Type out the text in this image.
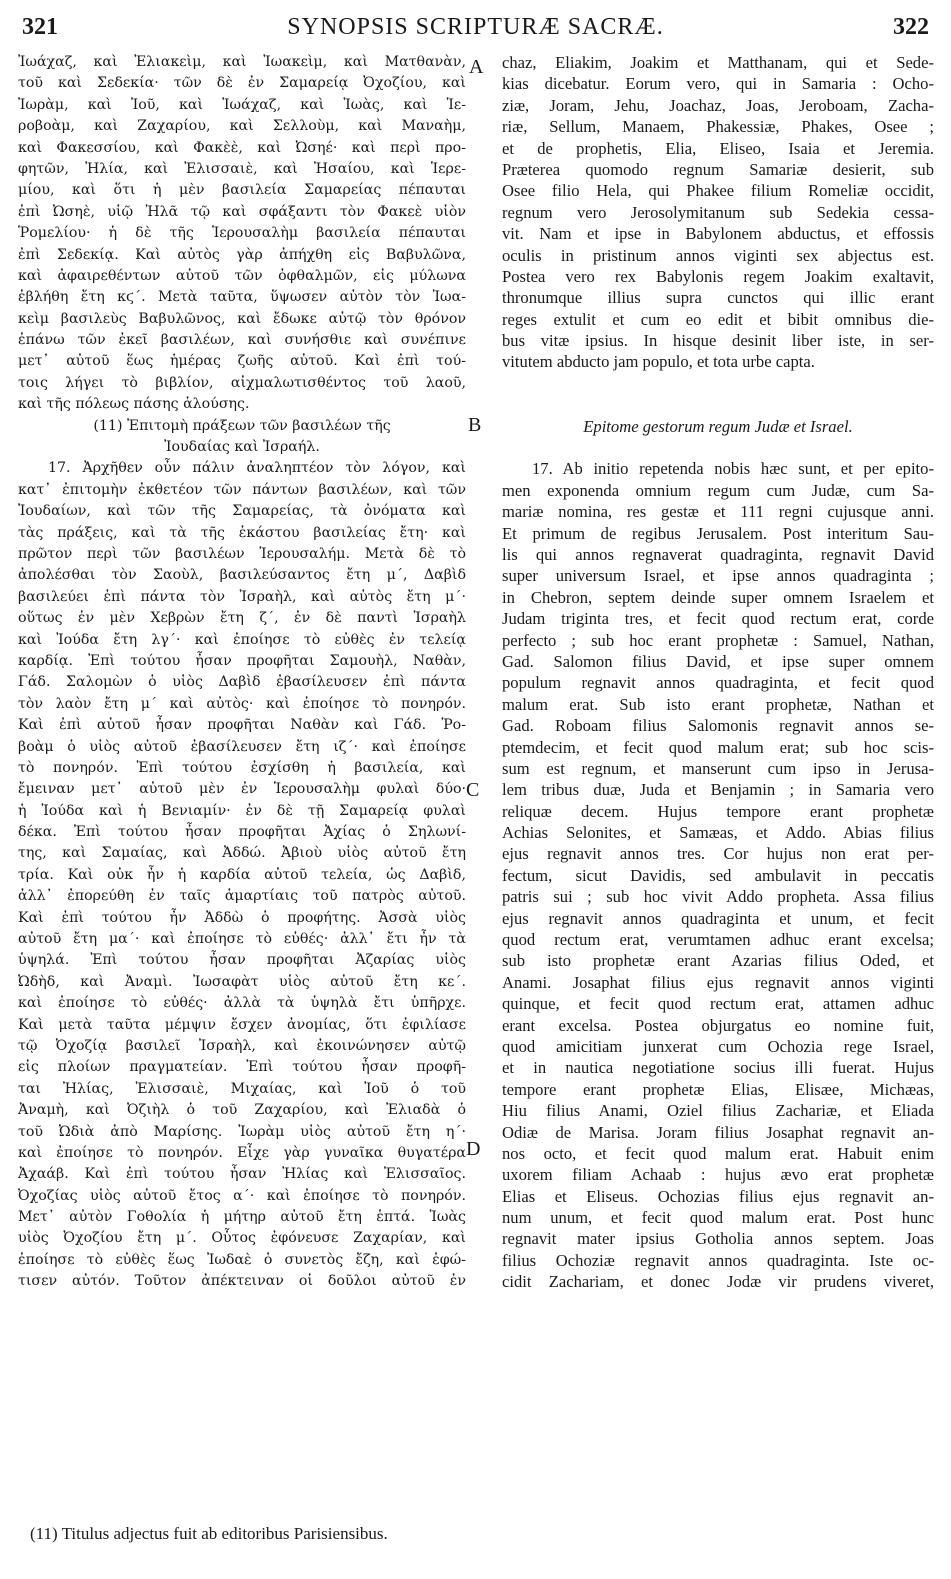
321	SYNOPSIS SCRIPTURÆ SACRÆ.	322
Ἰωάχαζ, καὶ Ἐλιακεὶμ, καὶ Ἰωακεὶμ, καὶ Ματθανὰν,
τοῦ καὶ Σεδεκία· τῶν δὲ ἐν Σαμαρείᾳ Ὀχοζίου, καὶ
Ἰωρὰμ, καὶ Ἰοῦ, καὶ Ἰωάχαζ, καὶ Ἰωὰς, καὶ Ἱε-
ροβοὰμ, καὶ Ζαχαρίου, καὶ Σελλοὺμ, καὶ Μαναὴμ,
καὶ Φακεσσίου, καὶ Φακὲὲ, καὶ Ὠσηέ· καὶ περὶ προ-
φητῶν, Ἠλία, καὶ Ἐλισσαιὲ, καὶ Ἠσαίου, καὶ Ἱερε-
μίου, καὶ ὅτι ἡ μὲν βασιλεία Σαμαρείας πέπαυται
ἐπὶ Ὠσηὲ, υἱῷ Ἠλᾶ τῷ καὶ σφάξαντι τὸν Φακεὲ υἱὸν
Ῥομελίου· ἡ δὲ τῆς Ἱερουσαλὴμ βασιλεία πέπαυται
ἐπὶ Σεδεκίᾳ. Καὶ αὐτὸς γὰρ ἀπήχθη εἰς Βαβυλῶνα,
καὶ ἀφαιρεθέντων αὐτοῦ τῶν ὀφθαλμῶν, εἰς μύλωνα
ἐβλήθη ἔτη κϛ΄. Μετὰ ταῦτα, ὕψωσεν αὐτὸν τὸν Ἰωα-
κεὶμ βασιλεὺς Βαβυλῶνος, καὶ ἔδωκε αὐτῷ τὸν θρόνον
ἐπάνω τῶν ἐκεῖ βασιλέων, καὶ συνήσθιε καὶ συνέπινε
μετ᾽ αὐτοῦ ἕως ἡμέρας ζωῆς αὐτοῦ. Καὶ ἐπὶ τού-
τοις λήγει τὸ βιβλίον, αἰχμαλωτισθέντος τοῦ λαοῦ,
καὶ τῆς πόλεως πάσης ἁλούσης.
(11) Ἐπιτομὴ πράξεων τῶν βασιλέων τῆς
Ἰουδαίας καὶ Ἰσραήλ.
17. Ἀρχῆθεν οὖν πάλιν ἀναληπτέον τὸν λόγον, καὶ
κατ᾽ ἐπιτομὴν ἐκθετέον τῶν πάντων βασιλέων, καὶ τῶν
Ἰουδαίων, καὶ τῶν τῆς Σαμαρείας, τὰ ὀνόματα καὶ
τὰς πράξεις, καὶ τὰ τῆς ἑκάστου βασιλείας ἔτη· καὶ
πρῶτον περὶ τῶν βασιλέων Ἱερουσαλήμ. Μετὰ δὲ τὸ
ἀπολέσθαι τὸν Σαοὺλ, βασιλεύσαντος ἔτη μ΄, Δαβὶδ
βασιλεύει ἐπὶ πάντα τὸν Ἰσραὴλ, καὶ αὐτὸς ἔτη μ΄·
οὕτως ἐν μὲν Χεβρὼν ἔτη ζ΄, ἐν δὲ παντὶ Ἰσραὴλ
καὶ Ἰούδα ἔτη λγ΄· καὶ ἐποίησε τὸ εὐθὲς ἐν τελείᾳ
καρδίᾳ. Ἐπὶ τούτου ἦσαν προφῆται Σαμουὴλ, Ναθὰν,
Γάδ. Σαλομὼν ὁ υἱὸς Δαβὶδ ἐβασίλευσεν ἐπὶ πάντα
τὸν λαὸν ἔτη μ΄ καὶ αὐτὸς· καὶ ἐποίησε τὸ πονηρόν.
Καὶ ἐπὶ αὐτοῦ ἦσαν προφῆται Ναθὰν καὶ Γάδ. Ῥο-
βοὰμ ὁ υἱὸς αὐτοῦ ἐβασίλευσεν ἔτη ιζ΄· καὶ ἐποίησε
τὸ πονηρόν. Ἐπὶ τούτου ἐσχίσθη ἡ βασιλεία, καὶ
ἔμειναν μετ᾽ αὐτοῦ μὲν ἐν Ἱερουσαλὴμ φυλαὶ δύο·
ἡ Ἰούδα καὶ ἡ Βενιαμίν· ἐν δὲ τῇ Σαμαρείᾳ φυλαὶ
δέκα. Ἐπὶ τούτου ἦσαν προφῆται Ἀχίας ὁ Σηλωνί-
της, καὶ Σαμαίας, καὶ Ἀδδώ. Ἀβιοὺ υἱὸς αὐτοῦ ἔτη
τρία. Καὶ οὐκ ἦν ἡ καρδία αὐτοῦ τελεία, ὡς Δαβὶδ,
ἀλλ᾽ ἐπορεύθη ἐν ταῖς ἁμαρτίαις τοῦ πατρὸς αὐτοῦ.
Καὶ ἐπὶ τούτου ἦν Ἀδδὼ ὁ προφήτης. Ἀσσὰ υἱὸς
αὐτοῦ ἔτη μα΄· καὶ ἐποίησε τὸ εὐθές· ἀλλ᾽ ἔτι ἦν τὰ
ὑψηλά. Ἐπὶ τούτου ἦσαν προφῆται Ἀζαρίας υἱὸς
Ὠδὴδ, καὶ Ἀναμὶ. Ἰωσαφὰτ υἱὸς αὐτοῦ ἔτη κε΄.
καὶ ἐποίησε τὸ εὐθές· ἀλλὰ τὰ ὑψηλὰ ἔτι ὑπῆρχε.
Καὶ μετὰ ταῦτα μέμψιν ἔσχεν ἀνομίας, ὅτι ἐφιλίασε
τῷ Ὀχοζίᾳ βασιλεῖ Ἰσραὴλ, καὶ ἐκοινώνησεν αὐτῷ
εἰς πλοίων πραγματείαν. Ἐπὶ τούτου ἦσαν προφῆ-
ται Ἠλίας, Ἐλισσαιὲ, Μιχαίας, καὶ Ἰοῦ ὁ τοῦ
Ἀναμὴ, καὶ Ὀζιὴλ ὁ τοῦ Ζαχαρίου, καὶ Ἐλιαδὰ ὁ
τοῦ Ὠδιὰ ἀπὸ Μαρίσης. Ἰωρὰμ υἱὸς αὐτοῦ ἔτη η΄·
καὶ ἐποίησε τὸ πονηρόν. Εἶχε γὰρ γυναῖκα θυγατέρα
Ἀχαάβ. Καὶ ἐπὶ τούτου ἦσαν Ἠλίας καὶ Ἐλισσαῖος.
Ὀχοζίας υἱὸς αὐτοῦ ἔτος α΄· καὶ ἐποίησε τὸ πονηρόν.
Μετ᾽ αὐτὸν Γοθολία ἡ μήτηρ αὐτοῦ ἔτη ἑπτά. Ἰωὰς
υἱὸς Ὀχοζίου ἔτη μ΄. Οὗτος ἐφόνευσε Ζαχαρίαν, καὶ
ἐποίησε τὸ εὐθὲς ἕως Ἰωδαὲ ὁ συνετὸς ἔζη, καὶ ἐφώ-
τισεν αὐτόν. Τοῦτον ἀπέκτειναν οἱ δοῦλοι αὐτοῦ ἐν
chaz, Eliakim, Joakim et Matthanam, qui et Sede-
kias dicebatur. Eorum vero, qui in Samaria : Ocho-
ziæ, Joram, Jehu, Joachaz, Joas, Jeroboam, Zacha-
riæ, Sellum, Manaem, Phakessiæ, Phakes, Osee ;
et de prophetis, Elia, Eliseo, Isaia et Jeremia.
Præterea quomodo regnum Samariæ desierit, sub
Osee filio Hela, qui Phakee filium Romeliæ occidit,
regnum vero Jerosolymitanum sub Sedekia cessa-
vit. Nam et ipse in Babylonem abductus, et effossis
oculis in pristinum annos viginti sex abjectus est.
Postea vero rex Babylonis regem Joakim exaltavit,
thronumque illius supra cunctos qui illic erant
reges extulit et cum eo edit et bibit omnibus die-
bus vitæ ipsius. In hisque desinit liber iste, in ser-
vitutem abducto jam populo, et tota urbe capta.
Epitome gestorum regum Judæ et Israel.
17. Ab initio repetenda nobis hæc sunt, et per epito-
men exponenda omnium regum cum Judæ, cum Sa-
mariæ nomina, res gestæ et 111 regni cujusque anni.
Et primum de regibus Jerusalem. Post interitum Sau-
lis qui annos regnaverat quadraginta, regnavit David
super universum Israel, et ipse annos quadraginta ;
in Chebron, septem deinde super omnem Israelem et
Judam triginta tres, et fecit quod rectum erat, corde
perfecto ; sub hoc erant prophetæ : Samuel, Nathan,
Gad. Salomon filius David, et ipse super omnem
populum regnavit annos quadraginta, et fecit quod
malum erat. Sub isto erant prophetæ, Nathan et
Gad. Roboam filius Salomonis regnavit annos se-
ptemdecim, et fecit quod malum erat; sub hoc scis-
sum est regnum, et manserunt cum ipso in Jerusa-
lem tribus duæ, Juda et Benjamin ; in Samaria vero
reliquæ decem. Hujus tempore erant prophetæ
Achias Selonites, et Samæas, et Addo. Abias filius
ejus regnavit annos tres. Cor hujus non erat per-
fectum, sicut Davidis, sed ambulavit in peccatis
patris sui ; sub hoc vivit Addo propheta. Assa filius
ejus regnavit annos quadraginta et unum, et fecit
quod rectum erat, verumtamen adhuc erant excelsa;
sub isto prophetæ erant Azarias filius Oded, et
Anami. Josaphat filius ejus regnavit annos viginti
quinque, et fecit quod rectum erat, attamen adhuc
erant excelsa. Postea objurgatus eo nomine fuit,
quod amicitiam junxerat cum Ochozia rege Israel,
et in nautica negotiatione socius illi fuerat. Hujus
tempore erant prophetæ Elias, Elisæe, Michæas,
Hiu filius Anami, Oziel filius Zachariæ, et Eliada
Odiæ de Marisa. Joram filius Josaphat regnavit an-
nos octo, et fecit quod malum erat. Habuit enim
uxorem filiam Achaab : hujus ævo erat prophetæ
Elias et Eliseus. Ochozias filius ejus regnavit an-
num unum, et fecit quod malum erat. Post hunc
regnavit mater ipsius Gotholia annos septem. Joas
filius Ochoziæ regnavit annos quadraginta. Iste oc-
cidit Zachariam, et donec Jodæ vir prudens viveret,
A
B
C
D
(11) Titulus adjectus fuit ab editoribus Parisiensibus.
